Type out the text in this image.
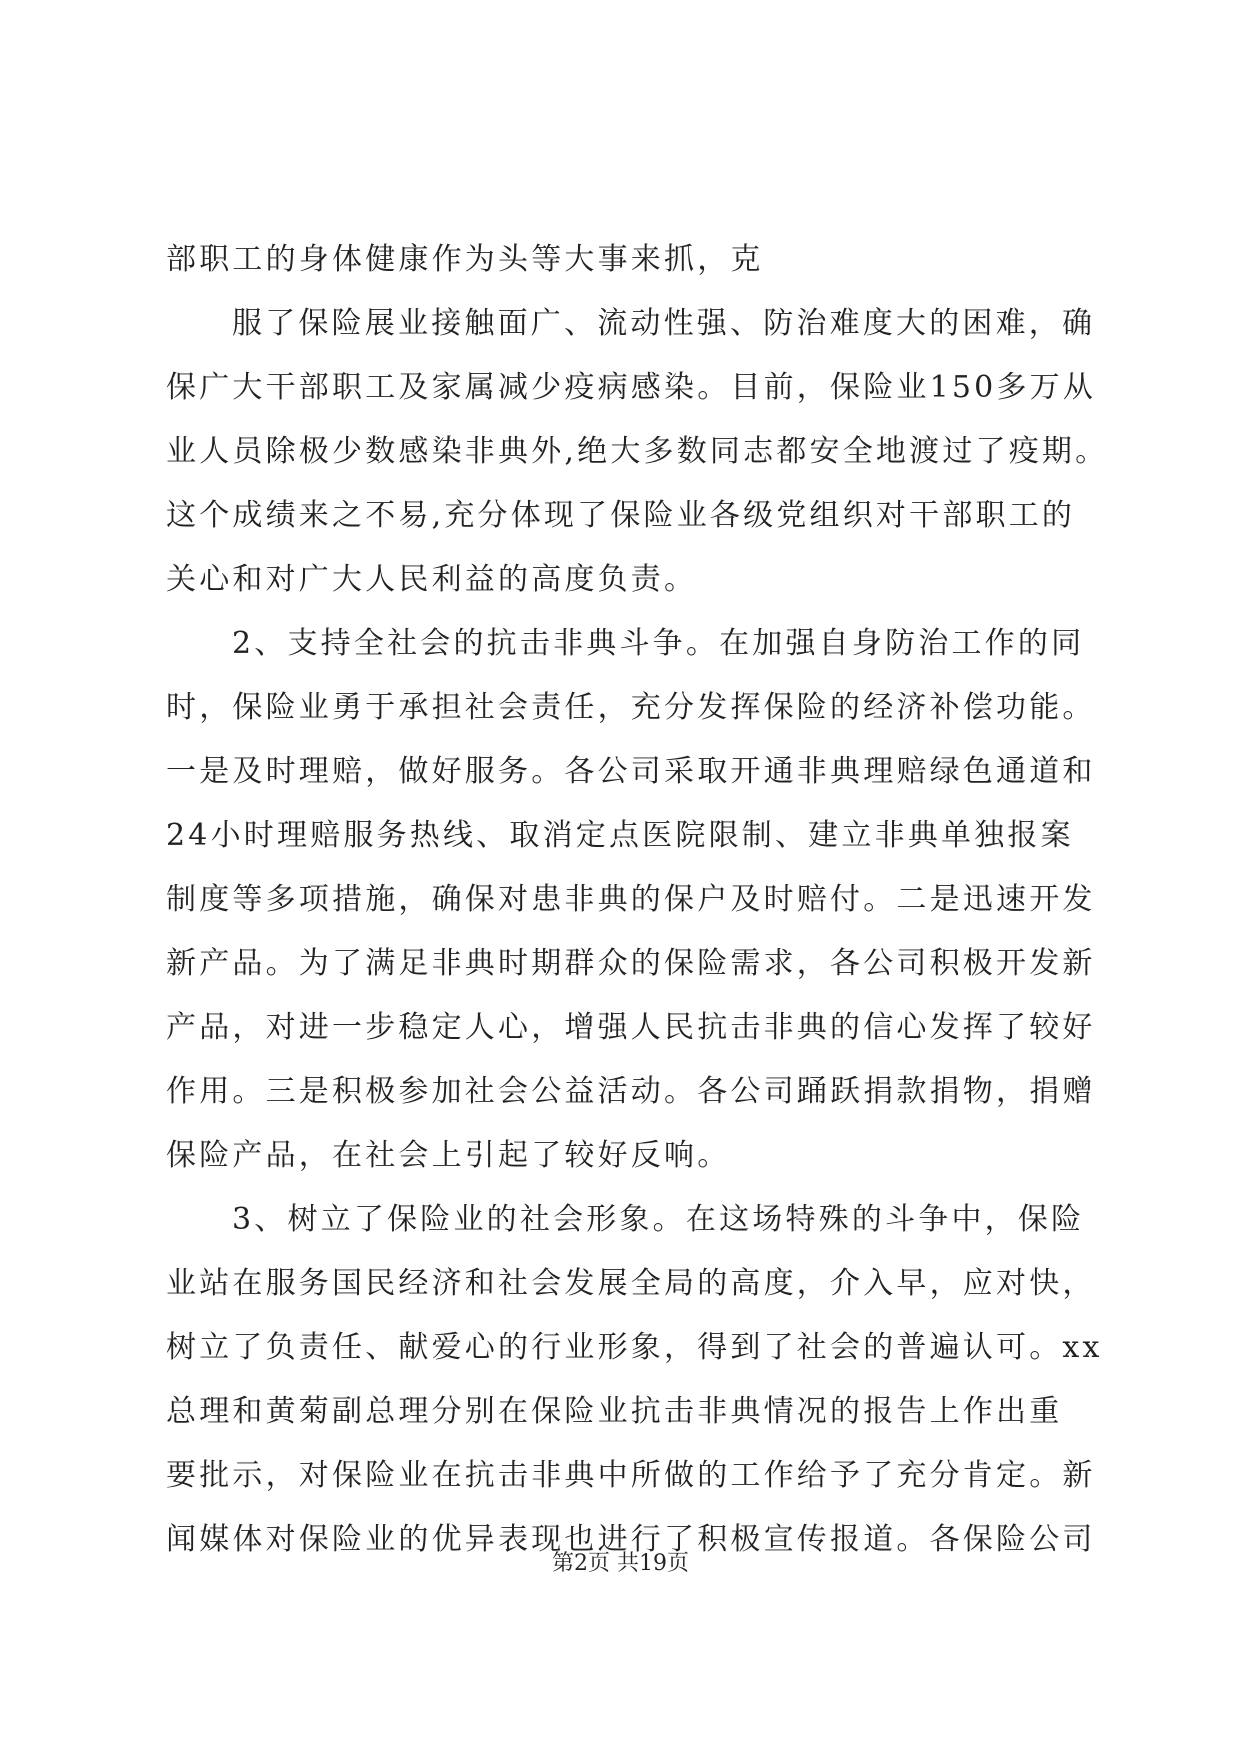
部职工的身体健康作为头等大事来抓，克
服了保险展业接触面广、流动性强、防治难度大的困难，确
保广大干部职工及家属减少疫病感染。目前，保险业150多万从
业人员除极少数感染非典外,绝大多数同志都安全地渡过了疫期。
这个成绩来之不易,充分体现了保险业各级党组织对干部职工的
关心和对广大人民利益的高度负责。
2、支持全社会的抗击非典斗争。在加强自身防治工作的同
时，保险业勇于承担社会责任，充分发挥保险的经济补偿功能。
一是及时理赔，做好服务。各公司采取开通非典理赔绿色通道和
24小时理赔服务热线、取消定点医院限制、建立非典单独报案
制度等多项措施，确保对患非典的保户及时赔付。二是迅速开发
新产品。为了满足非典时期群众的保险需求，各公司积极开发新
产品，对进一步稳定人心，增强人民抗击非典的信心发挥了较好
作用。三是积极参加社会公益活动。各公司踊跃捐款捐物，捐赠
保险产品，在社会上引起了较好反响。
3、树立了保险业的社会形象。在这场特殊的斗争中，保险
业站在服务国民经济和社会发展全局的高度，介入早，应对快，
树立了负责任、献爱心的行业形象，得到了社会的普遍认可。xx
总理和黄菊副总理分别在保险业抗击非典情况的报告上作出重
要批示，对保险业在抗击非典中所做的工作给予了充分肯定。新
闻媒体对保险业的优异表现也进行了积极宣传报道。各保险公司
第2页 共19页
